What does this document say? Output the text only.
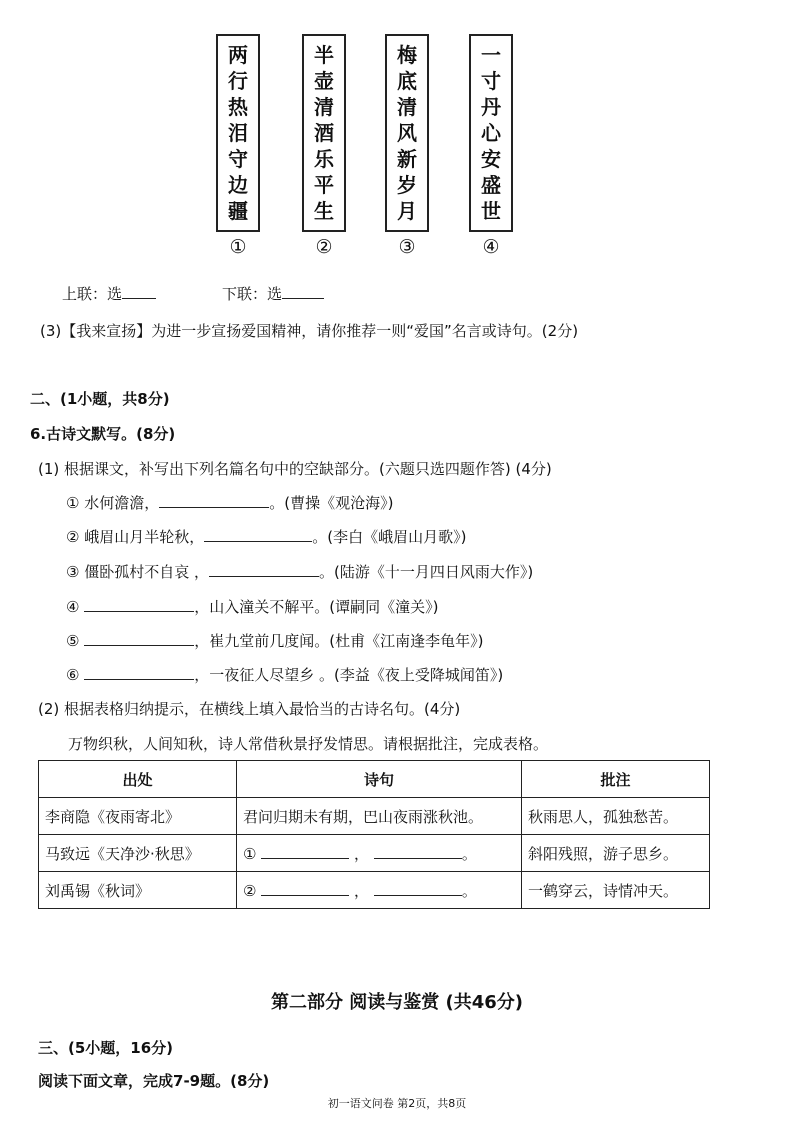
两
行
热
泪
守
边
疆
半
壶
清
酒
乐
平
生
梅
底
清
风
新
岁
月
一
寸
丹
心
安
盛
世
①	②	③	④
上联：选	下联：选
(3)【我来宣扬】为进一步宣扬爱国精神，请你推荐一则“爱国”名言或诗句。(2分)
二、(1小题，共8分)
6.古诗文默写。(8分)
(1) 根据课文，补写出下列名篇名句中的空缺部分。(六题只选四题作答) (4分)
① 水何澹澹，	。(曹操《观沧海》)
② 峨眉山月半轮秋，	。(李白《峨眉山月歌》)
③ 僵卧孤村不自哀 ，	。(陆游《十一月四日风雨大作》)
④	，山入潼关不解平。(谭嗣同《潼关》)
⑤	，崔九堂前几度闻。(杜甫《江南逢李龟年》)
⑥	，一夜征人尽望乡 。(李益《夜上受降城闻笛》)
(2) 根据表格归纳提示，在横线上填入最恰当的古诗名句。(4分)
万物织秋，人间知秋，诗人常借秋景抒发情思。请根据批注，完成表格。
出处	诗句	批注
李商隐《夜雨寄北》	君问归期未有期，巴山夜雨涨秋池。	秋雨思人，孤独愁苦。
马致远《天净沙·秋思》	① ， 。	斜阳残照，游子思乡。
刘禹锡《秋词》	② ， 。	一鹤穿云，诗情冲天。
第二部分 阅读与鉴赏 (共46分)
三、(5小题，16分)
阅读下面文章，完成7-9题。(8分)
初一语文问卷 第2页，共8页
